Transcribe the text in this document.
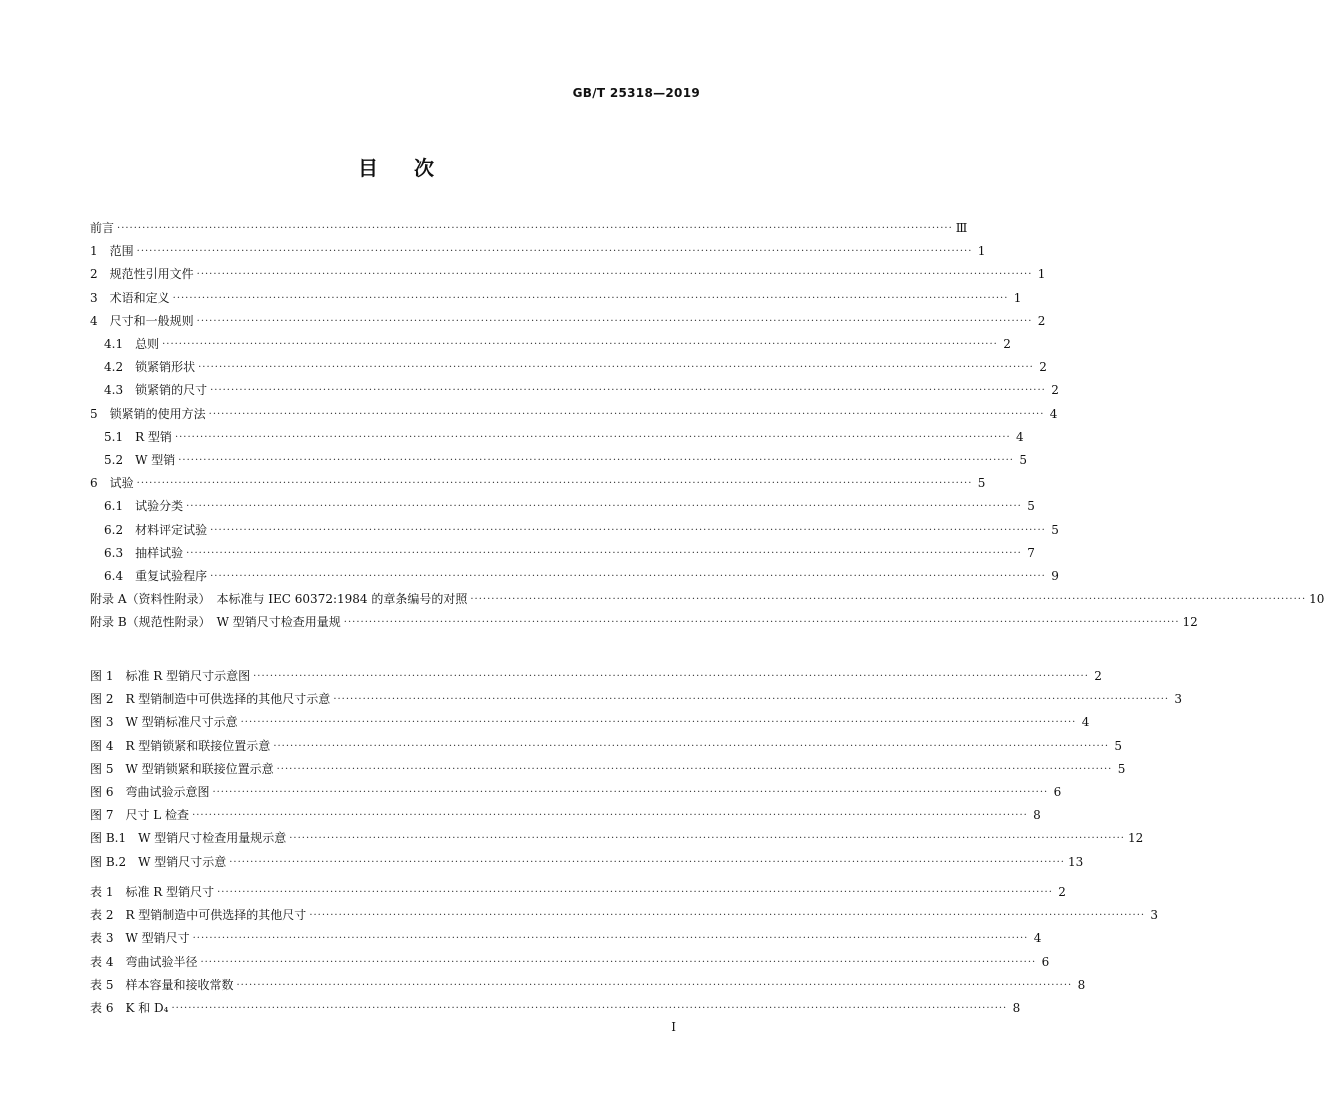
GB/T 25318—2019
目次
前言 ········································································································································································································ Ⅲ
1　范围 ········································································································································································································ 1
2　规范性引用文件 ········································································································································································································ 1
3　术语和定义 ········································································································································································································ 1
4　尺寸和一般规则 ········································································································································································································ 2
4.1　总则 ········································································································································································································ 2
4.2　锁紧销形状 ········································································································································································································ 2
4.3　锁紧销的尺寸 ········································································································································································································ 2
5　锁紧销的使用方法 ········································································································································································································ 4
5.1　R 型销 ········································································································································································································ 4
5.2　W 型销 ········································································································································································································ 5
6　试验 ········································································································································································································ 5
6.1　试验分类 ········································································································································································································ 5
6.2　材料评定试验 ········································································································································································································ 5
6.3　抽样试验 ········································································································································································································ 7
6.4　重复试验程序 ········································································································································································································ 9
附录 A（资料性附录）　本标准与 IEC 60372:1984 的章条编号的对照 ········································································································································································································ 10
附录 B（规范性附录）　W 型销尺寸检查用量规 ········································································································································································································ 12
图 1　标准 R 型销尺寸示意图 ········································································································································································································ 2
图 2　R 型销制造中可供选择的其他尺寸示意 ········································································································································································································ 3
图 3　W 型销标准尺寸示意 ········································································································································································································ 4
图 4　R 型销锁紧和联接位置示意 ········································································································································································································ 5
图 5　W 型销锁紧和联接位置示意 ········································································································································································································ 5
图 6　弯曲试验示意图 ········································································································································································································ 6
图 7　尺寸 L 检查 ········································································································································································································ 8
图 B.1　W 型销尺寸检查用量规示意 ········································································································································································································ 12
图 B.2　W 型销尺寸示意 ········································································································································································································ 13
表 1　标准 R 型销尺寸 ········································································································································································································ 2
表 2　R 型销制造中可供选择的其他尺寸 ········································································································································································································ 3
表 3　W 型销尺寸 ········································································································································································································ 4
表 4　弯曲试验半径 ········································································································································································································ 6
表 5　样本容量和接收常数 ········································································································································································································ 8
表 6　K 和 D₄ ········································································································································································································ 8
I
